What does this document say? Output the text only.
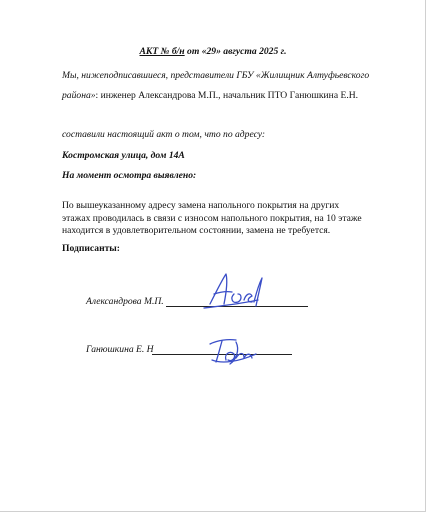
АКТ № б/н от «29» августа 2025 г.
Мы, нижеподписавшиеся, представители ГБУ «Жилищник Алтуфьевского
района»: инженер Александрова М.П., начальник ПТО Ганюшкина Е.Н.
составили настоящий акт о том, что по адресу:
Костромская улица, дом 14А
На момент осмотра выявлено:
По вышеуказанному адресу замена напольного покрытия на других этажах проводилась в связи с износом напольного покрытия, на 10 этаже находится в удовлетворительном состоянии, замена не требуется.
Подписанты:
Александрова М.П.
Ганюшкина Е. Н
